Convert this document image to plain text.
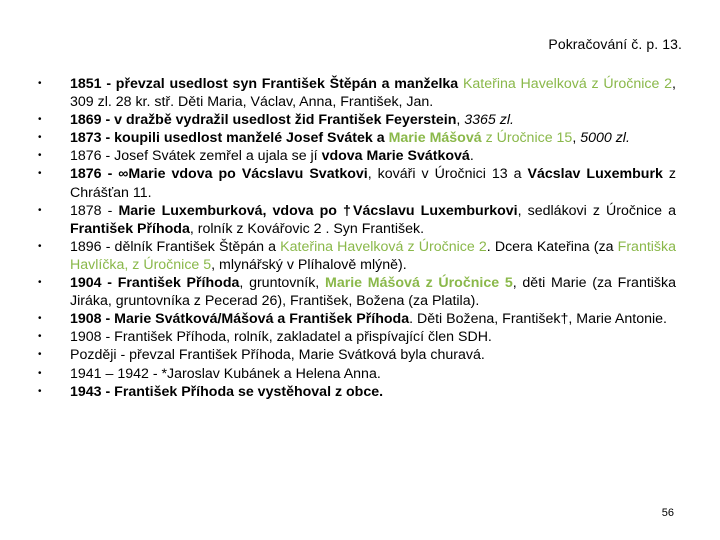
Pokračování č. p. 13.
•	1851 - převzal usedlost syn František Štěpán a manželka Kateřina Havelková z Úročnice 2, 309 zl. 28 kr. stř. Děti Maria, Václav, Anna, František, Jan.
•	1869 - v dražbě vydražil usedlost žid František Feyerstein, 3365 zl.
•	1873 - koupili usedlost manželé Josef Svátek a Marie Mášová z Úročnice 15, 5000 zl.
•	1876 - Josef Svátek zemřel a ujala se jí vdova Marie Svátková.
•	1876 - ∞Marie vdova po Vácslavu Svatkovi, kováři v Úročnici 13 a Vácslav Luxemburk z Chrášťan 11.
•	1878 - Marie Luxemburková, vdova po †Vácslavu Luxemburkovi, sedlákovi z Úročnice a František Příhoda, rolník z Kovářovic 2 . Syn František.
•	1896 - dělník František Štěpán a Kateřina Havelková z Úročnice 2. Dcera Kateřina (za Františka Havlíčka, z Úročnice 5, mlynářský v Plíhalově mlýně).
•	1904 - František Příhoda, gruntovník, Marie Mášová z Úročnice 5, děti Marie (za Františka Jiráka, gruntovníka z Pecerad 26), František, Božena (za Platila).
•	1908 - Marie Svátková/Mášová a František Příhoda. Děti Božena, František†, Marie Antonie.
•	1908 - František Příhoda, rolník, zakladatel a přispívající člen SDH.
•	Později - převzal František Příhoda, Marie Svátková byla churavá.
•	1941 – 1942 - *Jaroslav Kubánek a Helena Anna.
•	1943 - František Příhoda se vystěhoval z obce.
56
